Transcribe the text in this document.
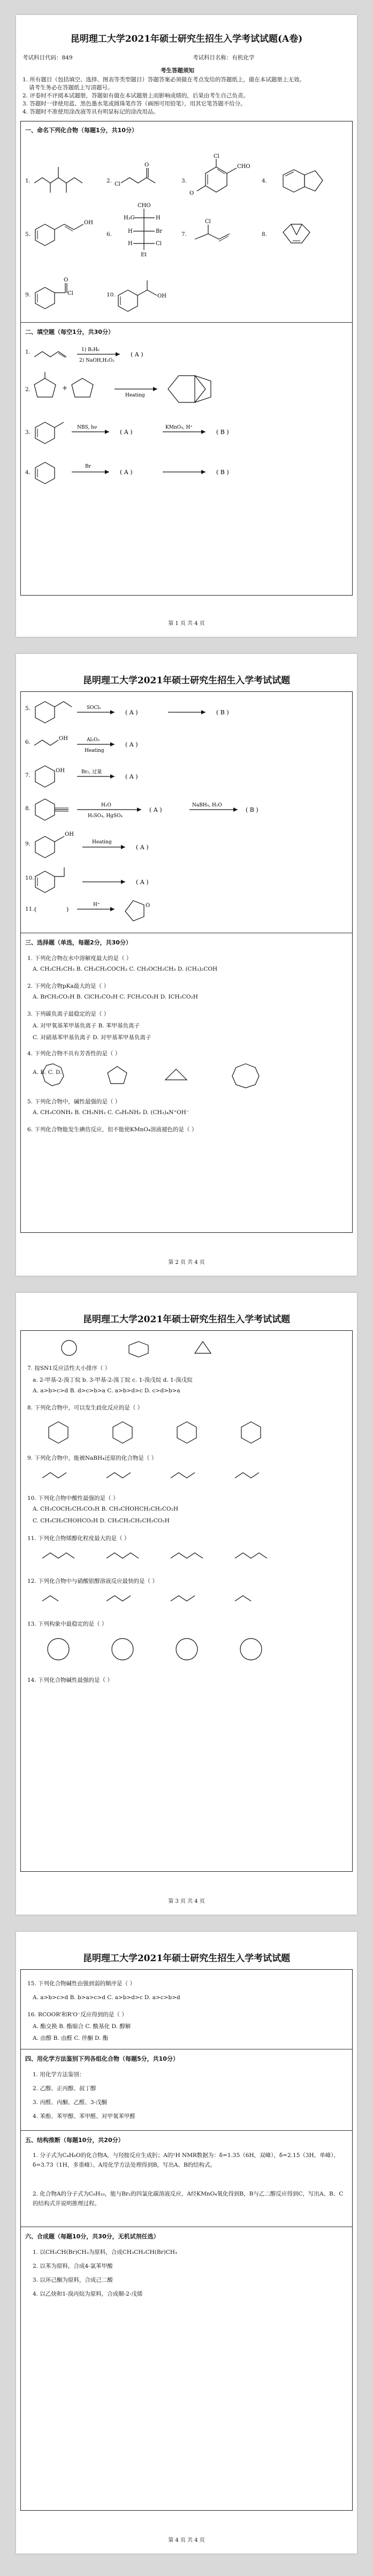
昆明理工大学2021年硕士研究生招生入学考试试题(A卷)
考试科目代码：849	考试科目名称：有机化学
考生答题须知
1. 所有题目（包括填空、选择、图表等类型题目）答题答案必须做在考点发给的答题纸上，做在本试题册上无效。
请考生务必在答题纸上写清题号。
2. 评卷时不评阅本试题册，答题如有做在本试题册上而影响成绩的，后果由考生自己负责。
3. 答题时一律使用蓝、黑色墨水笔或圆珠笔作答（画图可用铅笔），用其它笔答题不给分。
4. 答题时不准使用涂改液等具有明显标记的涂改用品。
一、命名下列化合物（每题1分，共10分）
1.	2.
Cl
O
3.
CHO
Cl
O
4.
5.
OH
6.
CHO
H₃C	H
H	Br
H	Cl
Et
7.
Cl
8.
9.
O
Cl	10.	OH
二、填空题（每空1分，共30分）
1.	1) B₂H₆
2) NaOH,H₂O₂
( A )
2.	+
Heating
3.
NBS, hν
( A )
KMnO₄, H⁺
( B )
4.
Br
( A )	( B )
第 1 页 共 4 页
昆明理工大学2021年硕士研究生招生入学考试试题
5.	SOCl₂
( A )	( B )
6.
OH	Al₂O₃
Heating
( A )
7.
OH	Br₂, 过量
( A )
8.	H₂O
H₂SO₄, HgSO₄
( A )
NaBH₄, H₂O
( B )
9.
OH
Heating
( A )
10.
( A )
11. (	)
H⁺	O
三、选择题（单选，每题2分，共30分）
1. 下列化合物在水中溶解度最大的是（ ）
A. CH₃CH₂CH₃ B. CH₃CH₂COCH₃ C. CH₃OCH₂CH₃ D. (CH₃)₂COH
2. 下列化合物pKa最大的是（ ）
A. BrCH₂CO₂H B. ClCH₂CO₂H C. FCH₂CO₂H D. ICH₂CO₂H
3. 下列碳负离子最稳定的是（ ）
A. 对甲氧基苯甲基负离子 B. 苯甲基负离子
C. 对硝基苯甲基负离子 D. 对甲基苯甲基负离子
4. 下列化合物不具有芳香性的是（ ）
A. B. C. D.
5. 下列化合物中，碱性最强的是（ ）
A. CH₃CONH₂ B. CH₃NH₂ C. C₆H₅NH₂ D. (CH₃)₄N⁺OH⁻
6. 下列化合物能发生碘仿反应，但不能使KMnO₄溶液褪色的是（ ）
第 2 页 共 4 页
昆明理工大学2021年硕士研究生招生入学考试试题
7. 按SN1反应活性大小排序（ ）
a. 2-甲基-2-溴丁烷 b. 3-甲基-2-溴丁烷 c. 1-溴戊烷 d. 1-溴戊烷
A. a>b>c>d B. d>c>b>a C. a>b>d>c D. c>d>b>a
8. 下列化合物中，可以发生歧化反应的是（ ）
9. 下列化合物中，能被NaBH₄还原的化合物是（ ）
10. 下列化合物中酸性最强的是（ ）
A. CH₃COCH₂CH₂CO₂H B. CH₃CHOHCH₂CH₂CO₂H
C. CH₃CH₂CHOHCO₂H D. CH₃CH₂CH₂CH₂CO₂H
11. 下列化合物烯醇化程度最大的是（ ）
12. 下列化合物中与硝酸银醇溶液反应最快的是（ ）
13. 下列构象中最稳定的是（ ）
14. 下列化合物碱性最强的是（ ）
第 3 页 共 4 页
昆明理工大学2021年硕士研究生招生入学考试试题
15. 下列化合物碱性由强到弱的顺序是（ ）
A. a>b>c>d B. b>a>c>d C. a>b>d>c D. a>c>b>d
16. RCOOR'和R'O⁻反应得到的是（ ）
A. 酯交换 B. 酯缩合 C. 酰基化 D. 醇解
A. 由醇 B. 由醛 C. 伴酮 D. 酯
四、用化学方法鉴别下列各组化合物（每题5分，共10分）
1. 用化学方法鉴别：
2. 乙醇、正丙醇、叔丁醇
3. 丙醛、丙酮、乙醛、3-戊酮
4. 苯酚、苯甲醇、苯甲醛、对甲氧苯甲醛
五、结构推断（每题10分，共20分）
1. 分子式为C₄H₈O的化合物A，与羟胺反应生成肟；A的¹H NMR数据为：δ=1.35（6H，双峰），δ=2.15（3H，单峰），δ=3.73（1H，多重峰）。A用化学方法处理得到B，写出A、B的结构式。
2. 化合物A的分子式为C₈H₁₀，能与Br₂的四氯化碳溶液反应，A经KMnO₄氧化得到B，B与乙二醇反应得到C，写出A、B、C的结构式并说明推理过程。
六、合成题（每题10分，共30分，无机试剂任选）
1. 以CH₃CH(Br)CH₃为原料，合成CH₃CH₂CH(Br)CH₃
2. 以苯为原料，合成4-氯苯甲酸
3. 以环己酮为原料，合成己二酸
4. 以乙炔和1-溴丙烷为原料，合成顺-2-戊烯
第 4 页 共 4 页
